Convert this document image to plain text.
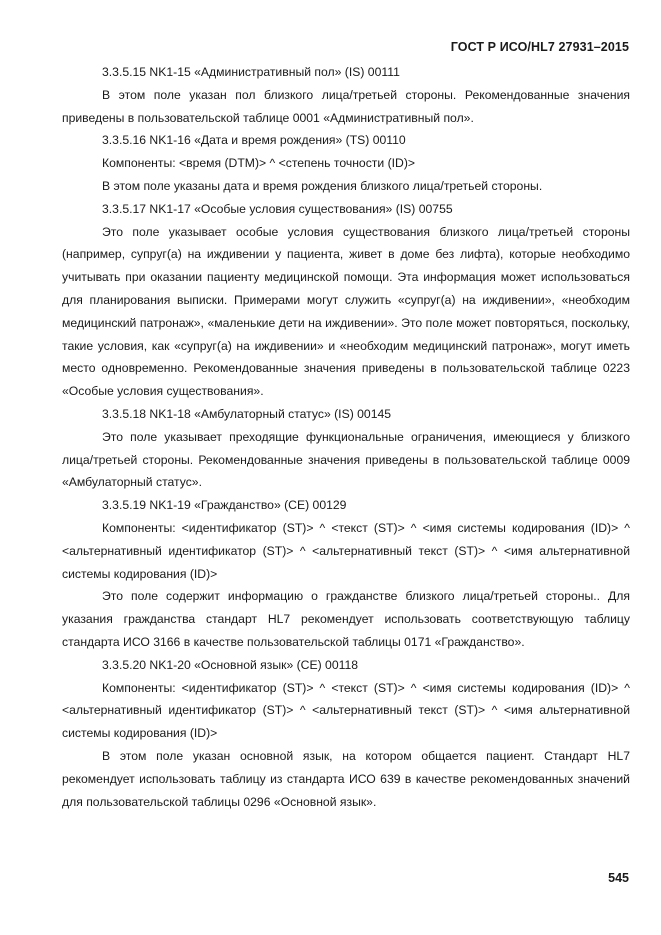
ГОСТ Р ИСО/HL7 27931–2015

3.3.5.15 NK1-15 «Административный пол» (IS) 00111

В этом поле указан пол близкого лица/третьей стороны. Рекомендованные значения приведены в пользовательской таблице 0001 «Административный пол».

3.3.5.16 NK1-16 «Дата и время рождения» (TS) 00110

Компоненты: <время (DTM)> ^ <степень точности (ID)>

В этом поле указаны дата и время рождения близкого лица/третьей стороны.

3.3.5.17 NK1-17 «Особые условия существования» (IS) 00755

Это поле указывает особые условия существования близкого лица/третьей стороны (например, супруг(а) на иждивении у пациента, живет в доме без лифта), которые необходимо учитывать при оказании пациенту медицинской помощи. Эта информация может использоваться для планирования выписки. Примерами могут служить «супруг(а) на иждивении», «необходим медицинский патронаж», «маленькие дети на иждивении». Это поле может повторяться, поскольку, такие условия, как «супруг(а) на иждивении» и «необходим медицинский патронаж», могут иметь место одновременно. Рекомендованные значения приведены в пользовательской таблице 0223 «Особые условия существования».

3.3.5.18 NK1-18 «Амбулаторный статус» (IS) 00145

Это поле указывает преходящие функциональные ограничения, имеющиеся у близкого лица/третьей стороны. Рекомендованные значения приведены в пользовательской таблице 0009 «Амбулаторный статус».

3.3.5.19 NK1-19 «Гражданство» (CE) 00129

Компоненты: <идентификатор (ST)> ^ <текст (ST)> ^ <имя системы кодирования (ID)> ^ <альтернативный идентификатор (ST)> ^ <альтернативный текст (ST)> ^ <имя альтернативной системы кодирования (ID)>

Это поле содержит информацию о гражданстве близкого лица/третьей стороны.. Для указания гражданства стандарт HL7 рекомендует использовать соответствующую таблицу стандарта ИСО 3166 в качестве пользовательской таблицы 0171 «Гражданство».

3.3.5.20 NK1-20 «Основной язык» (CE) 00118

Компоненты: <идентификатор (ST)> ^ <текст (ST)> ^ <имя системы кодирования (ID)> ^ <альтернативный идентификатор (ST)> ^ <альтернативный текст (ST)> ^ <имя альтернативной системы кодирования (ID)>

В этом поле указан основной язык, на котором общается пациент. Стандарт HL7 рекомендует использовать таблицу из стандарта ИСО 639 в качестве рекомендованных значений для пользовательской таблицы 0296 «Основной язык».

545
